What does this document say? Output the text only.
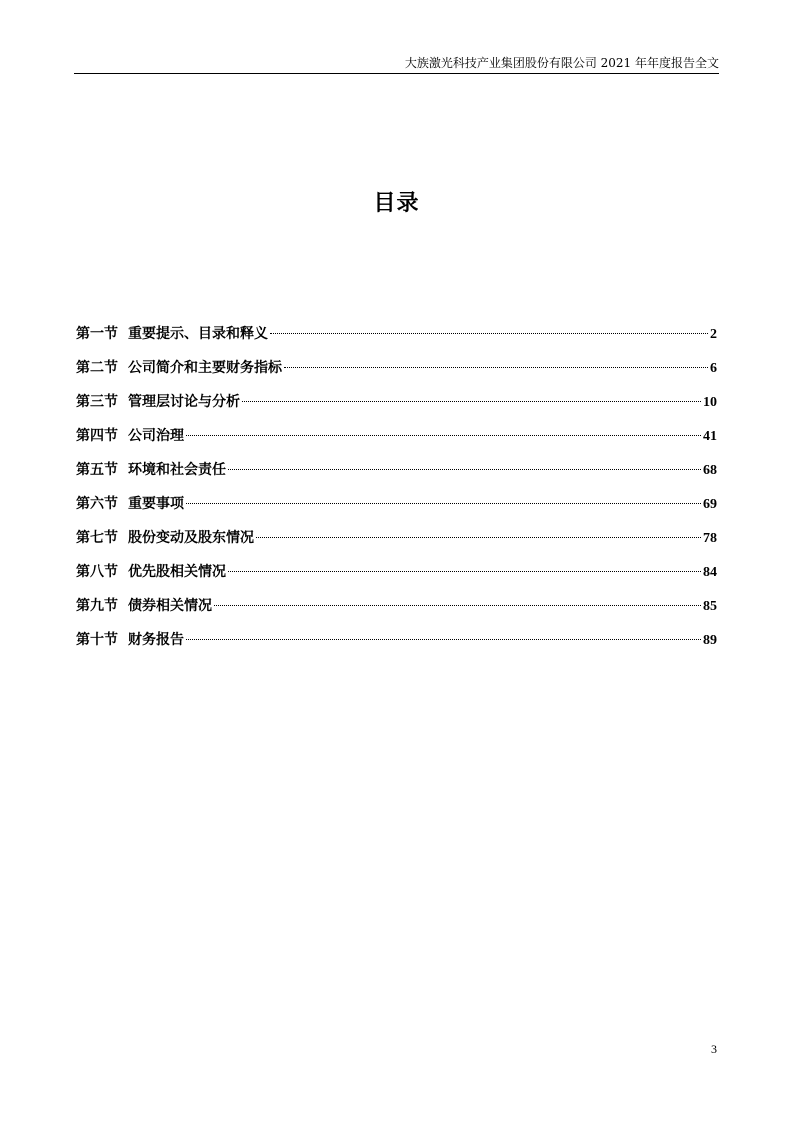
大族激光科技产业集团股份有限公司 2021 年年度报告全文
目录
第一节 重要提示、目录和释义	2
第二节 公司简介和主要财务指标	6
第三节 管理层讨论与分析	10
第四节 公司治理	41
第五节 环境和社会责任	68
第六节 重要事项	69
第七节 股份变动及股东情况	78
第八节 优先股相关情况	84
第九节 债券相关情况	85
第十节 财务报告	89
3
